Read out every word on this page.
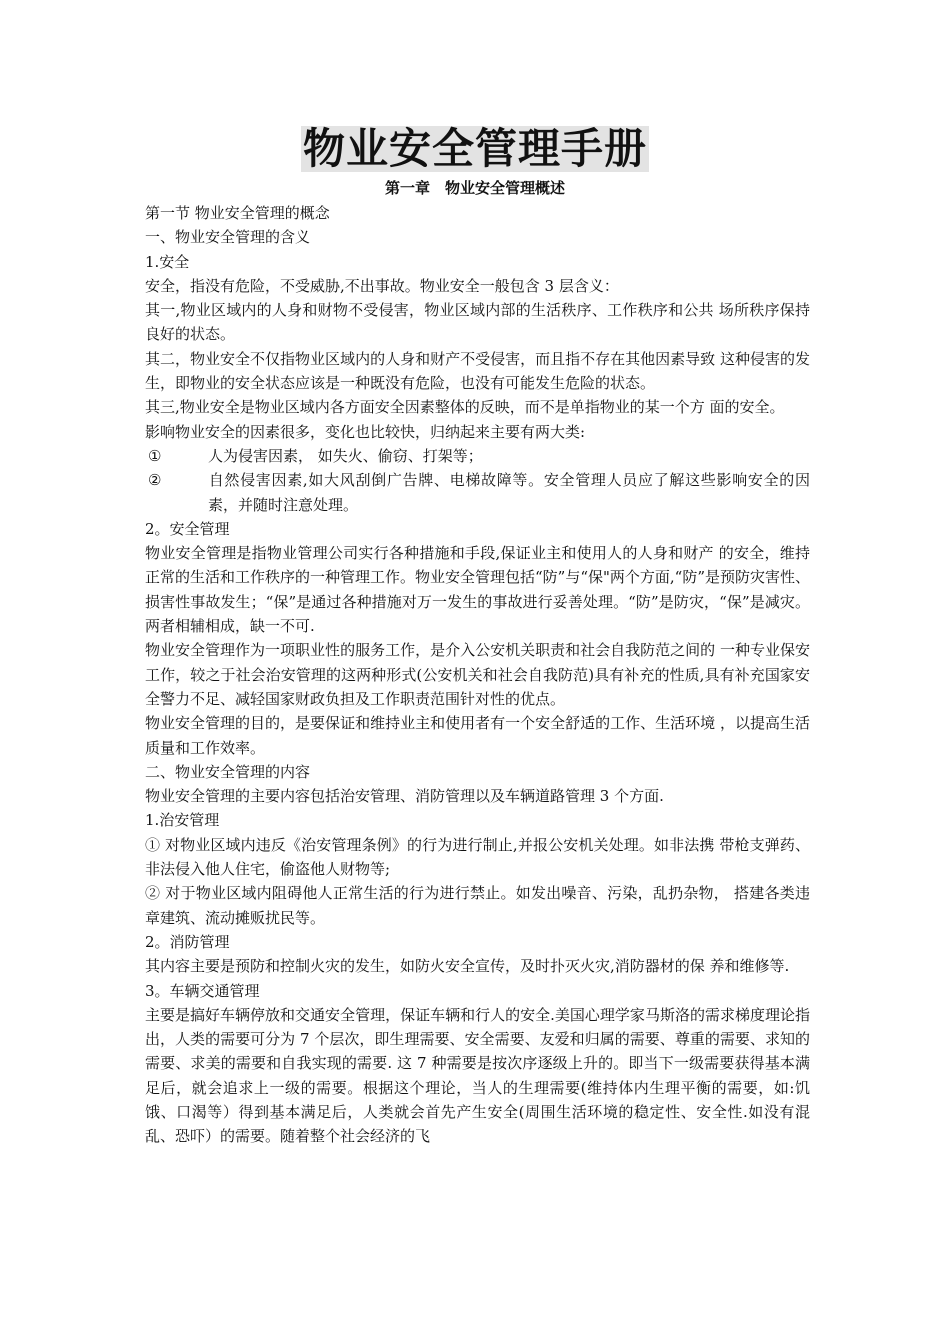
物业安全管理手册
第一章　物业安全管理概述

第一节 物业安全管理的概念

一、物业安全管理的含义

1.安全

安全，指没有危险，不受威胁,不出事故。物业安全一般包含 3 层含义：

其一,物业区域内的人身和财物不受侵害，物业区域内部的生活秩序、工作秩序和公共 场所秩序保持良好的状态。

其二，物业安全不仅指物业区域内的人身和财产不受侵害，而且指不存在其他因素导致 这种侵害的发生，即物业的安全状态应该是一种既没有危险，也没有可能发生危险的状态。

其三,物业安全是物业区域内各方面安全因素整体的反映，而不是单指物业的某一个方 面的安全。

影响物业安全的因素很多，变化也比较快，归纳起来主要有两大类:

①	人为侵害因素， 如失火、偷窃、打架等；

②	自然侵害因素,如大风刮倒广告牌、电梯故障等。安全管理人员应了解这些影响安全的因素，并随时注意处理。

2。安全管理

物业安全管理是指物业管理公司实行各种措施和手段,保证业主和使用人的人身和财产 的安全，维持正常的生活和工作秩序的一种管理工作。物业安全管理包括“防”与“保"两个方面,“防”是预防灾害性、损害性事故发生；“保”是通过各种措施对万一发生的事故进行妥善处理。“防”是防灾，“保”是减灾。两者相辅相成，缺一不可.

物业安全管理作为一项职业性的服务工作，是介入公安机关职责和社会自我防范之间的 一种专业保安工作，较之于社会治安管理的这两种形式(公安机关和社会自我防范)具有补充的性质,具有补充国家安全警力不足、减轻国家财政负担及工作职责范围针对性的优点。

物业安全管理的目的，是要保证和维持业主和使用者有一个安全舒适的工作、生活环境 ，以提高生活质量和工作效率。

二、物业安全管理的内容

物业安全管理的主要内容包括治安管理、消防管理以及车辆道路管理 3 个方面.

1.治安管理

① 对物业区域内违反《治安管理条例》的行为进行制止,并报公安机关处理。如非法携 带枪支弹药、非法侵入他人住宅，偷盗他人财物等;

② 对于物业区域内阻碍他人正常生活的行为进行禁止。如发出噪音、污染，乱扔杂物， 搭建各类违章建筑、流动摊贩扰民等。

2。消防管理

其内容主要是预防和控制火灾的发生，如防火安全宣传，及时扑灭火灾,消防器材的保 养和维修等.

3。车辆交通管理

主要是搞好车辆停放和交通安全管理，保证车辆和行人的安全.美国心理学家马斯洛的需求梯度理论指出，人类的需要可分为 7 个层次，即生理需要、安全需要、友爱和归属的需要、尊重的需要、求知的需要、求美的需要和自我实现的需要. 这 7 种需要是按次序逐级上升的。即当下一级需要获得基本满足后，就会追求上一级的需要。根据这个理论，当人的生理需要(维持体内生理平衡的需要，如:饥饿、口渴等）得到基本满足后，人类就会首先产生安全(周围生活环境的稳定性、安全性.如没有混乱、恐吓）的需要。随着整个社会经济的飞
